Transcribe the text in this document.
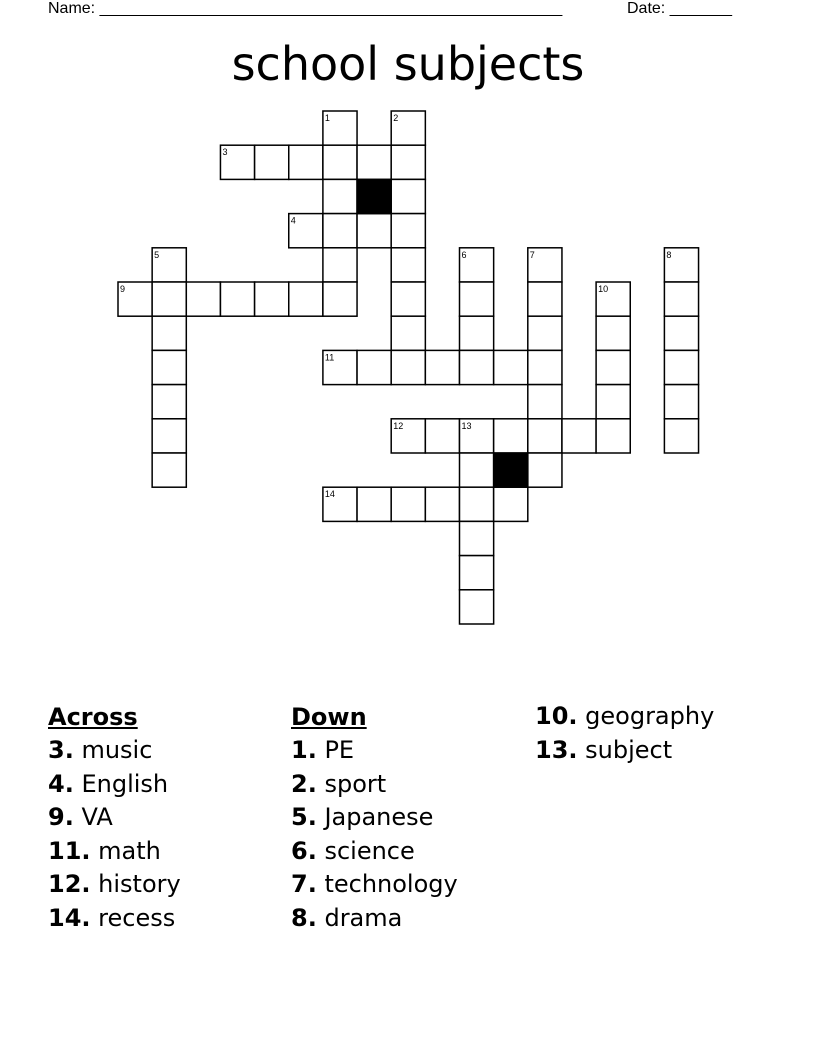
Name: ____________________________________________________	Date: _______
school subjects
1	2
3
4
5	6	7	8
9	10
11
12	13
14
Across
3. music
4. English
9. VA
11. math
12. history
14. recess
Down
1. PE
2. sport
5. Japanese
6. science
7. technology
8. drama
10. geography
13. subject
